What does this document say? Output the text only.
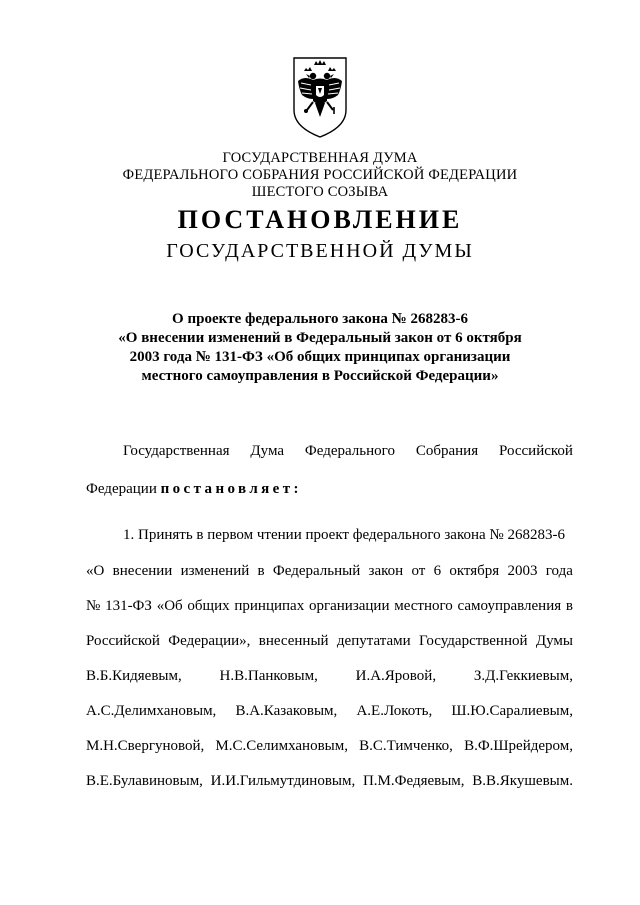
ГОСУДАРСТВЕННАЯ ДУМА
ФЕДЕРАЛЬНОГО СОБРАНИЯ РОССИЙСКОЙ ФЕДЕРАЦИИ
ШЕСТОГО СОЗЫВА
ПОСТАНОВЛЕНИЕ
ГОСУДАРСТВЕННОЙ ДУМЫ
О проекте федерального закона № 268283-6
«О внесении изменений в Федеральный закон от 6 октября
2003 года № 131-ФЗ «Об общих принципах организации
местного самоуправления в Российской Федерации»
Государственная Дума Федерального Собрания Российской
Федерации постановляет:
1. Принять в первом чтении проект федерального закона № 268283-6
«О внесении изменений в Федеральный закон от 6 октября 2003 года
№ 131-ФЗ «Об общих принципах организации местного самоуправления в
Российской Федерации», внесенный депутатами Государственной Думы
В.Б.Кидяевым,	Н.В.Панковым,	И.А.Яровой,	З.Д.Геккиевым,
А.С.Делимхановым, В.А.Казаковым, А.Е.Локоть, Ш.Ю.Саралиевым,
М.Н.Свергуновой, М.С.Селимхановым, В.С.Тимченко, В.Ф.Шрейдером,
В.Е.Булавиновым, И.И.Гильмутдиновым, П.М.Федяевым, В.В.Якушевым.
